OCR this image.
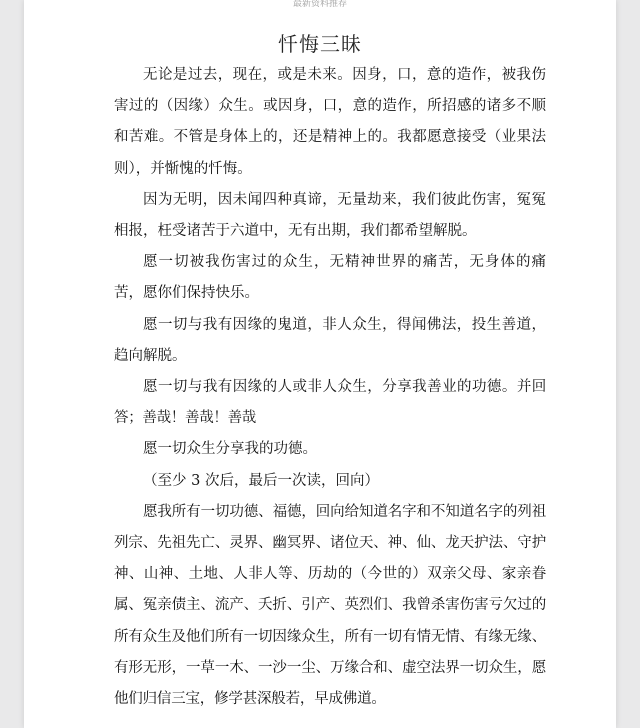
最新资料推荐
忏悔三昧

无论是过去，现在，或是未来。因身，口，意的造作，被我伤害过的（因缘）众生。或因身，口，意的造作，所招感的诸多不顺和苦难。不管是身体上的，还是精神上的。我都愿意接受（业果法则），并惭愧的忏悔。

因为无明，因未闻四种真谛，无量劫来，我们彼此伤害，冤冤相报，枉受诸苦于六道中，无有出期，我们都希望解脱。

愿一切被我伤害过的众生，无精神世界的痛苦，无身体的痛苦，愿你们保持快乐。

愿一切与我有因缘的鬼道，非人众生，得闻佛法，投生善道，趋向解脱。

愿一切与我有因缘的人或非人众生，分享我善业的功德。并回答；善哉！善哉！善哉

愿一切众生分享我的功德。

（至少 3 次后，最后一次读，回向）

愿我所有一切功德、福德，回向给知道名字和不知道名字的列祖列宗、先祖先亡、灵界、幽冥界、诸位天、神、仙、龙天护法、守护神、山神、土地、人非人等、历劫的（今世的）双亲父母、家亲眷属、冤亲债主、流产、夭折、引产、英烈们、我曾杀害伤害亏欠过的所有众生及他们所有一切因缘众生，所有一切有情无情、有缘无缘、有形无形，一草一木、一沙一尘、万缘合和、虚空法界一切众生，愿他们归信三宝，修学甚深般若，早成佛道。
